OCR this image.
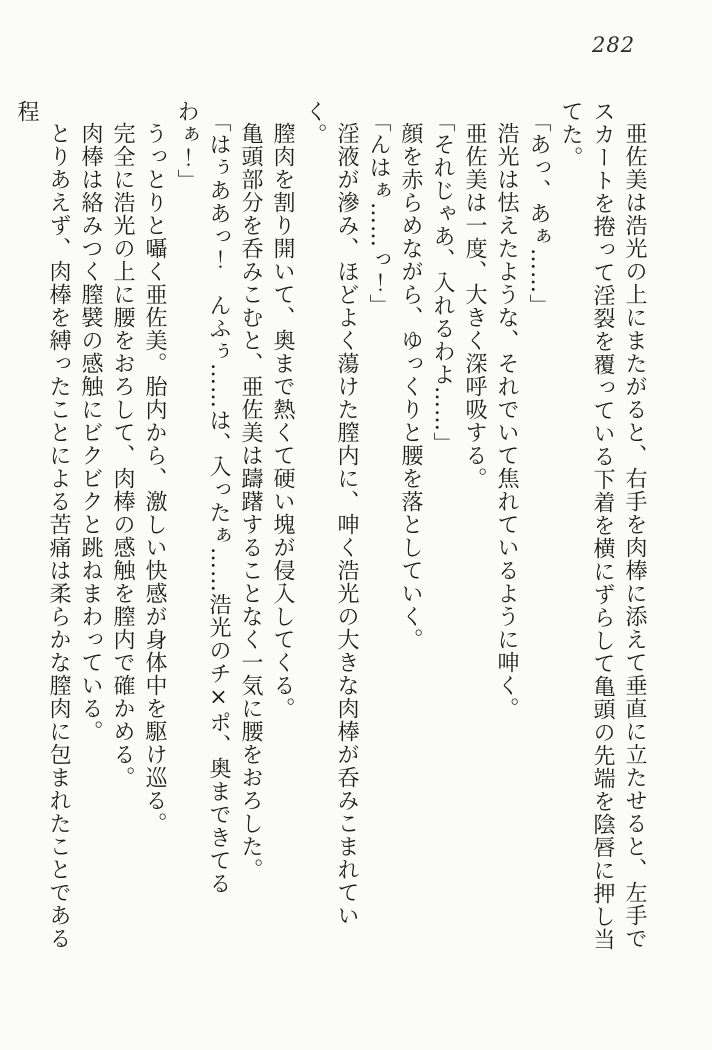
282

亜佐美は浩光の上にまたがると、右手を肉棒に添えて垂直に立たせると、左手でスカートを捲って淫裂を覆っている下着を横にずらして亀頭の先端を陰唇に押し当てた。

「あっ、あぁ……」

浩光は怯えたような、それでいて焦れているように呻く。

亜佐美は一度、大きく深呼吸する。

「それじゃあ、入れるわよ……」

顔を赤らめながら、ゆっくりと腰を落としていく。

「んはぁ……っ！」

淫液が滲み、ほどよく蕩けた膣内に、呻く浩光の大きな肉棒が呑みこまれていく。

膣肉を割り開いて、奥まで熱くて硬い塊が侵入してくる。

亀頭部分を呑みこむと、亜佐美は躊躇することなく一気に腰をおろした。

「はぅああっ！　んふぅ……は、入ったぁ……浩光のチ×ポ、奥まできてるわぁ！」

うっとりと囁く亜佐美。胎内から、激しい快感が身体中を駆け巡る。

完全に浩光の上に腰をおろして、肉棒の感触を膣内で確かめる。

肉棒は絡みつく膣襞の感触にビクビクと跳ねまわっている。

とりあえず、肉棒を縛ったことによる苦痛は柔らかな膣肉に包まれたことである程
